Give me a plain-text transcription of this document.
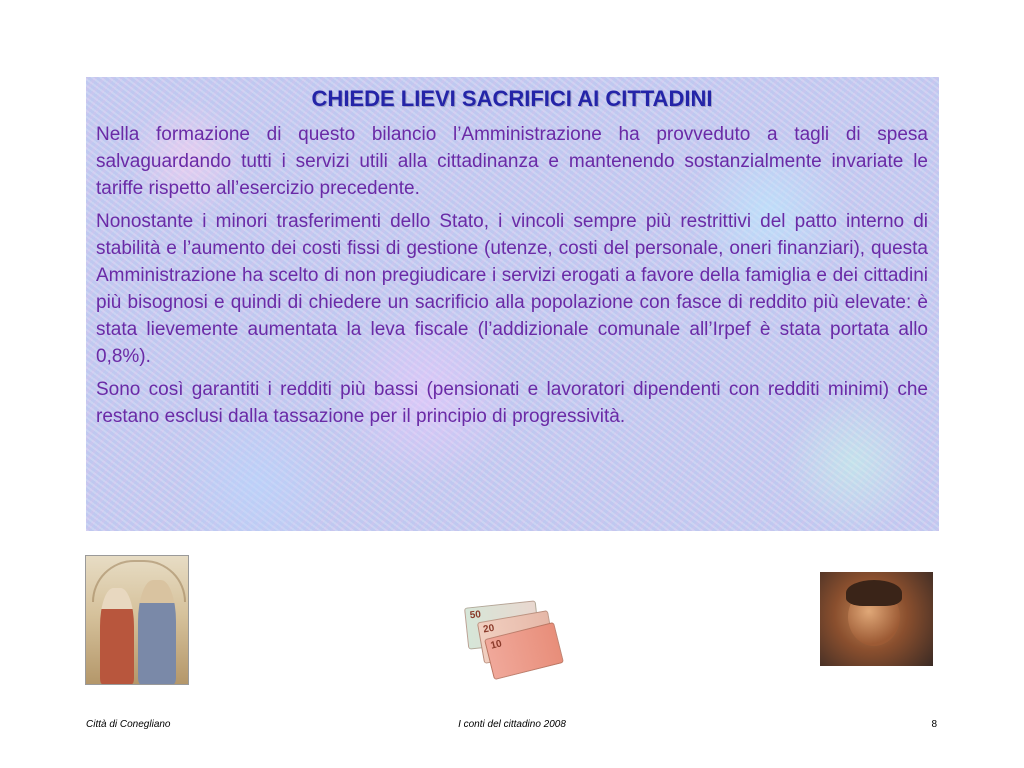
CHIEDE LIEVI SACRIFICI AI CITTADINI

Nella formazione di questo bilancio l’Amministrazione ha provveduto a tagli di spesa salvaguardando tutti i servizi utili alla cittadinanza e mantenendo sostanzialmente invariate le tariffe rispetto all’esercizio precedente.

Nonostante i minori trasferimenti dello Stato, i vincoli sempre più restrittivi del patto interno di stabilità e l’aumento dei costi fissi di gestione (utenze, costi del personale, oneri finanziari), questa Amministrazione ha scelto di non pregiudicare i servizi erogati a favore della famiglia e dei cittadini più bisognosi e quindi di chiedere un sacrificio alla popolazione con fasce di reddito più elevate: è stata lievemente aumentata la leva fiscale (l’addizionale comunale all’Irpef è stata portata allo 0,8%).

Sono così garantiti i redditi più bassi (pensionati e lavoratori dipendenti con redditi minimi) che restano esclusi dalla tassazione per il principio di progressività.

50
20
10
Città di Conegliano	I conti del cittadino 2008	8
